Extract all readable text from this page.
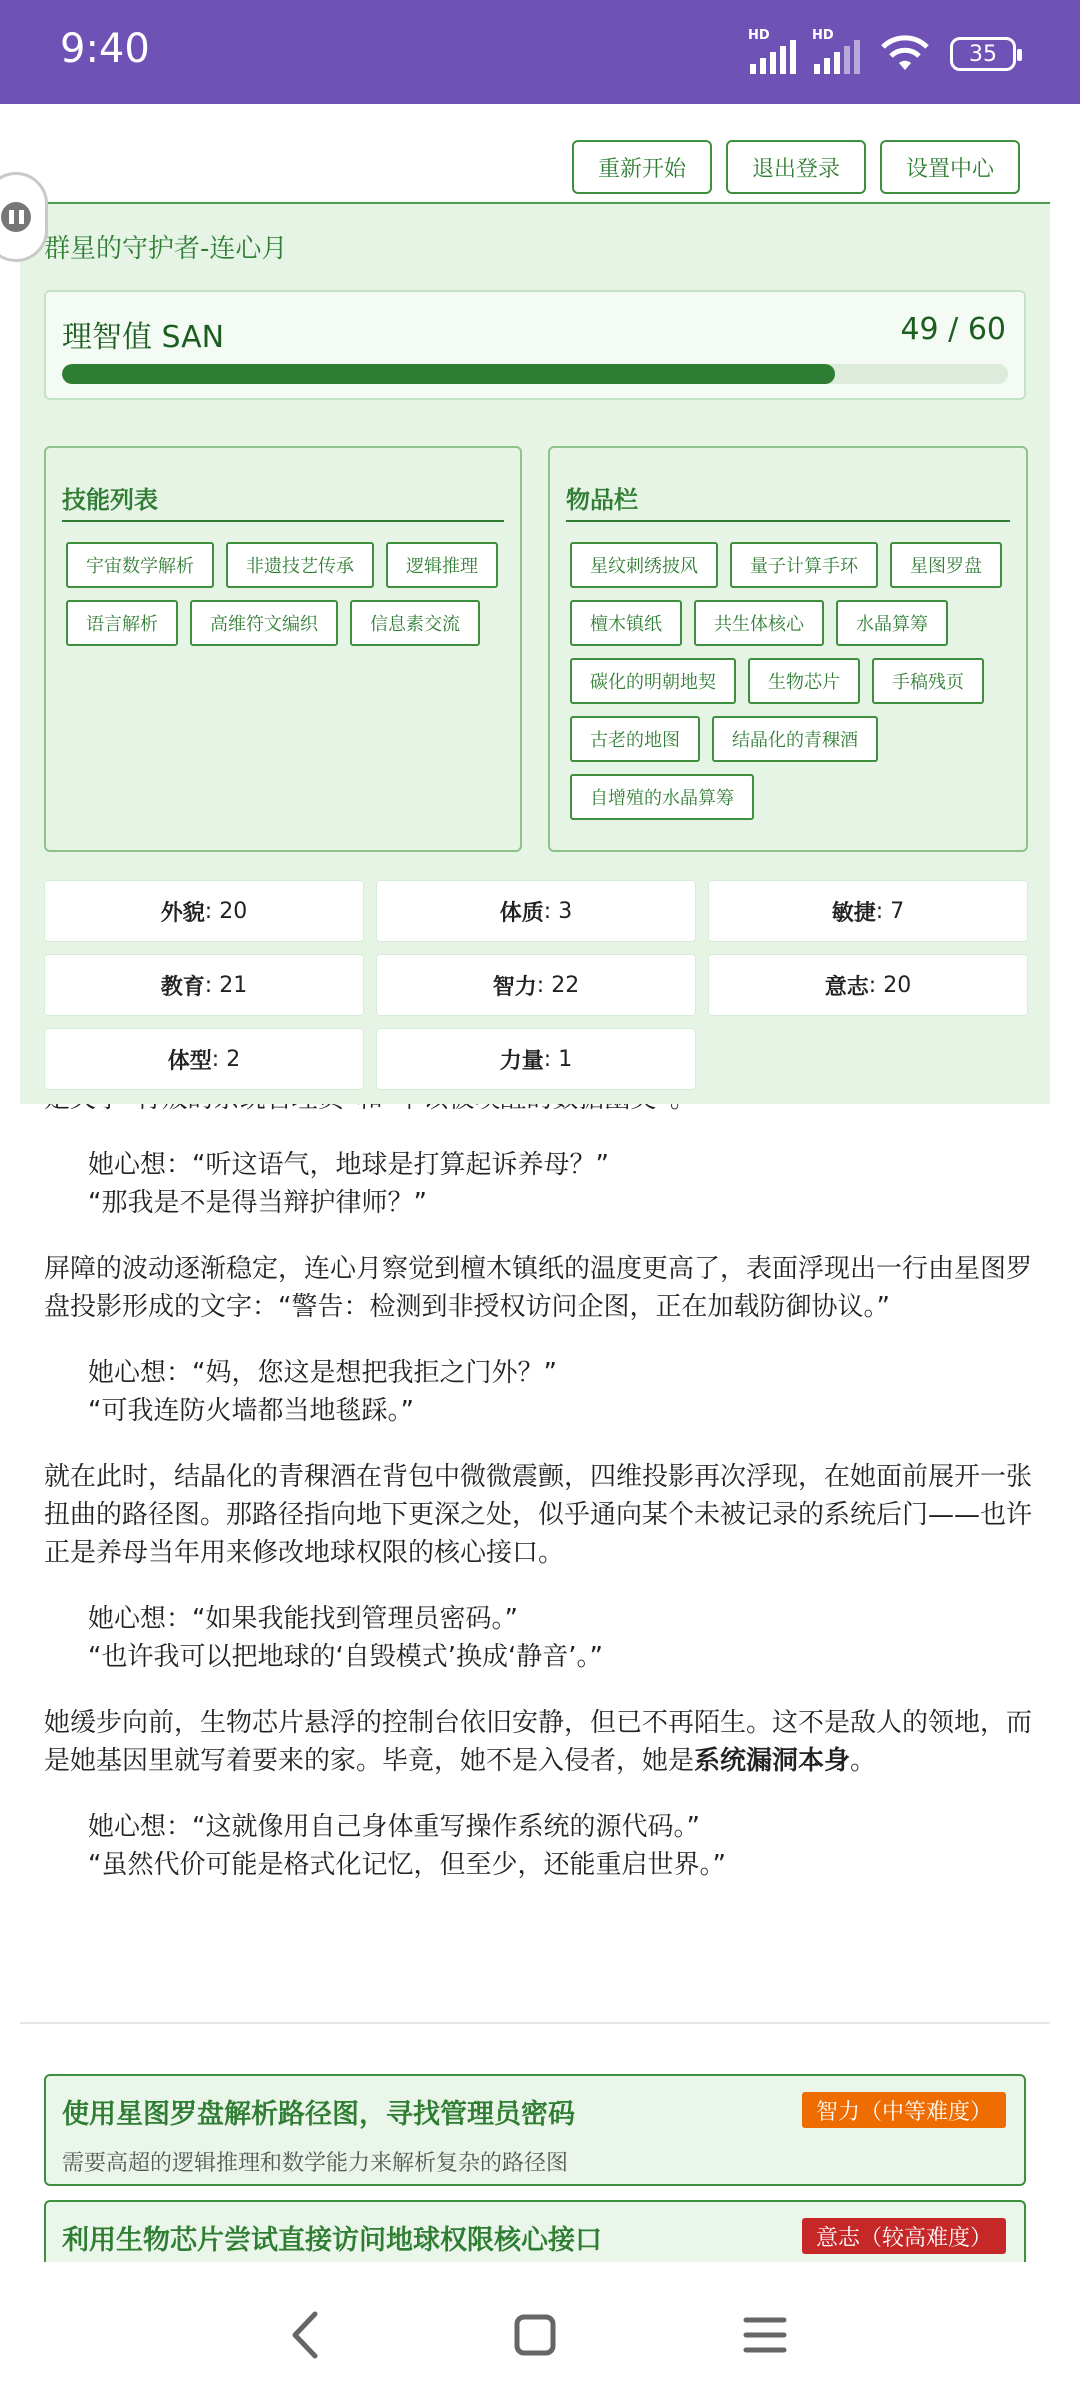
9:40	HD	HD
35
重新开始	退出登录	设置中心

她心想：“听这语气，地球是打算起诉养母？”
“那我是不是得当辩护律师？”

屏障的波动逐渐稳定，连心月察觉到檀木镇纸的温度更高了，表面浮现出一行由星图罗盘投影形成的文字：“警告：检测到非授权访问企图，正在加载防御协议。”

她心想：“妈，您这是想把我拒之门外？”
“可我连防火墙都当地毯踩。”

就在此时，结晶化的青稞酒在背包中微微震颤，四维投影再次浮现，在她面前展开一张扭曲的路径图。那路径指向地下更深之处，似乎通向某个未被记录的系统后门——也许正是养母当年用来修改地球权限的核心接口。

她心想：“如果我能找到管理员密码。”
“也许我可以把地球的‘自毁模式’换成‘静音’。”

她缓步向前，生物芯片悬浮的控制台依旧安静，但已不再陌生。这不是敌人的领地，而是她基因里就写着要来的家。毕竟，她不是入侵者，她是系统漏洞本身。

她心想：“这就像用自己身体重写操作系统的源代码。”
“虽然代价可能是格式化记忆，但至少，还能重启世界。”
群星的守护者-连心月
理智值 SAN	49 / 60
技能列表
宇宙数学解析	非遗技艺传承	逻辑推理
语言解析	高维符文编织	信息素交流
物品栏
星纹刺绣披风	量子计算手环	星图罗盘
檀木镇纸	共生体核心	水晶算筹
碳化的明朝地契	生物芯片	手稿残页
古老的地图	结晶化的青稞酒
自增殖的水晶算筹
外貌 : 20	体质 : 3	敏捷 : 7
教育 : 21	智力 : 22	意志 : 20
体型 : 2	力量 : 1
使用星图罗盘解析路径图，寻找管理员密码	智力（中等难度）
需要高超的逻辑推理和数学能力来解析复杂的路径图
利用生物芯片尝试直接访问地球权限核心接口	意志（较高难度）
